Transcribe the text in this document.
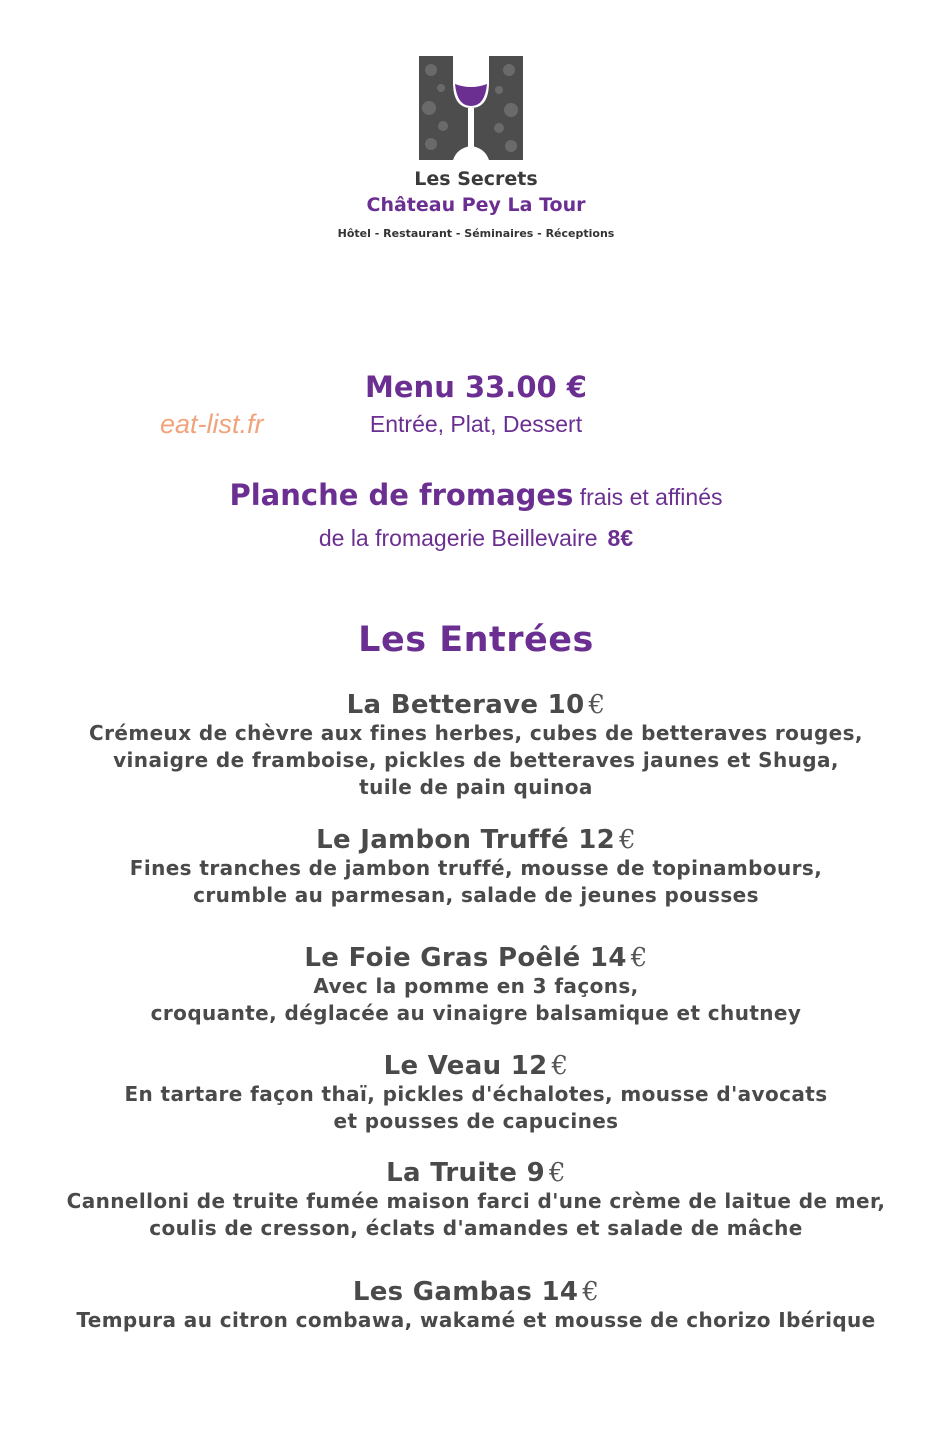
Les Secrets
Château Pey La Tour
Hôtel - Restaurant - Séminaires - Réceptions
Menu 33.00 €
eat-list.fr	Entrée, Plat, Dessert
Planche de fromages frais et affinés
de la fromagerie Beillevaire 8€
Les Entrées
La Betterave 10 €
Crémeux de chèvre aux fines herbes, cubes de betteraves rouges,
vinaigre de framboise, pickles de betteraves jaunes et Shuga,
tuile de pain quinoa
Le Jambon Truffé 12 €
Fines tranches de jambon truffé, mousse de topinambours,
crumble au parmesan, salade de jeunes pousses
Le Foie Gras Poêlé 14 €
Avec la pomme en 3 façons,
croquante, déglacée au vinaigre balsamique et chutney
Le Veau 12 €
En tartare façon thaï, pickles d'échalotes, mousse d'avocats
et pousses de capucines
La Truite 9 €
Cannelloni de truite fumée maison farci d'une crème de laitue de mer,
coulis de cresson, éclats d'amandes et salade de mâche
Les Gambas 14 €
Tempura au citron combawa, wakamé et mousse de chorizo Ibérique
